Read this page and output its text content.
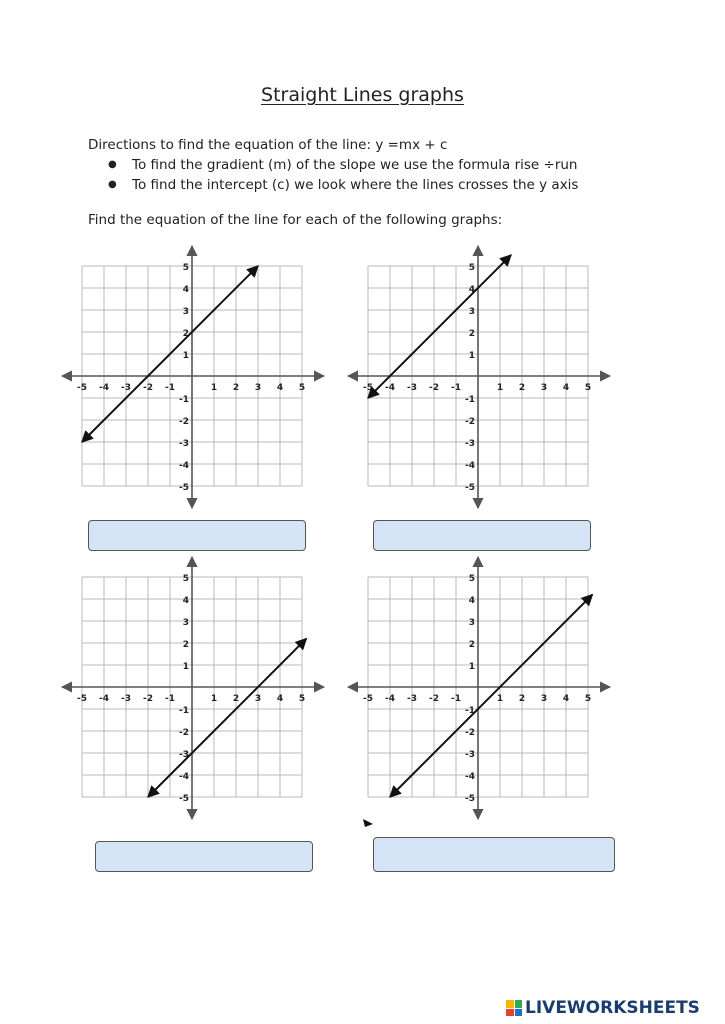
Straight Lines graphs
Directions to find the equation of the line: y =mx + c
● To find the gradient (m) of the slope we use the formula rise ÷run
● To find the intercept (c) we look where the lines crosses the y axis
Find the equation of the line for each of the following graphs:
-5 -4 -3 -2 -1	1 2 3 4 5
5
4
3
2
1
-1
-2
-3
-4
-5
-5 -4 -3 -2 -1	1 2 3 4 5
5
4
3
2
1
-1
-2
-3
-4
-5
-5 -4 -3 -2 -1	1 2 3 4 5
5
4
3
2
1
-1
-2
-3
-4
-5
-5 -4 -3 -2 -1	1 2 3 4 5
5
4
3
2
1
-1
-2
-3
-4
-5
LIVEWORKSHEETS
